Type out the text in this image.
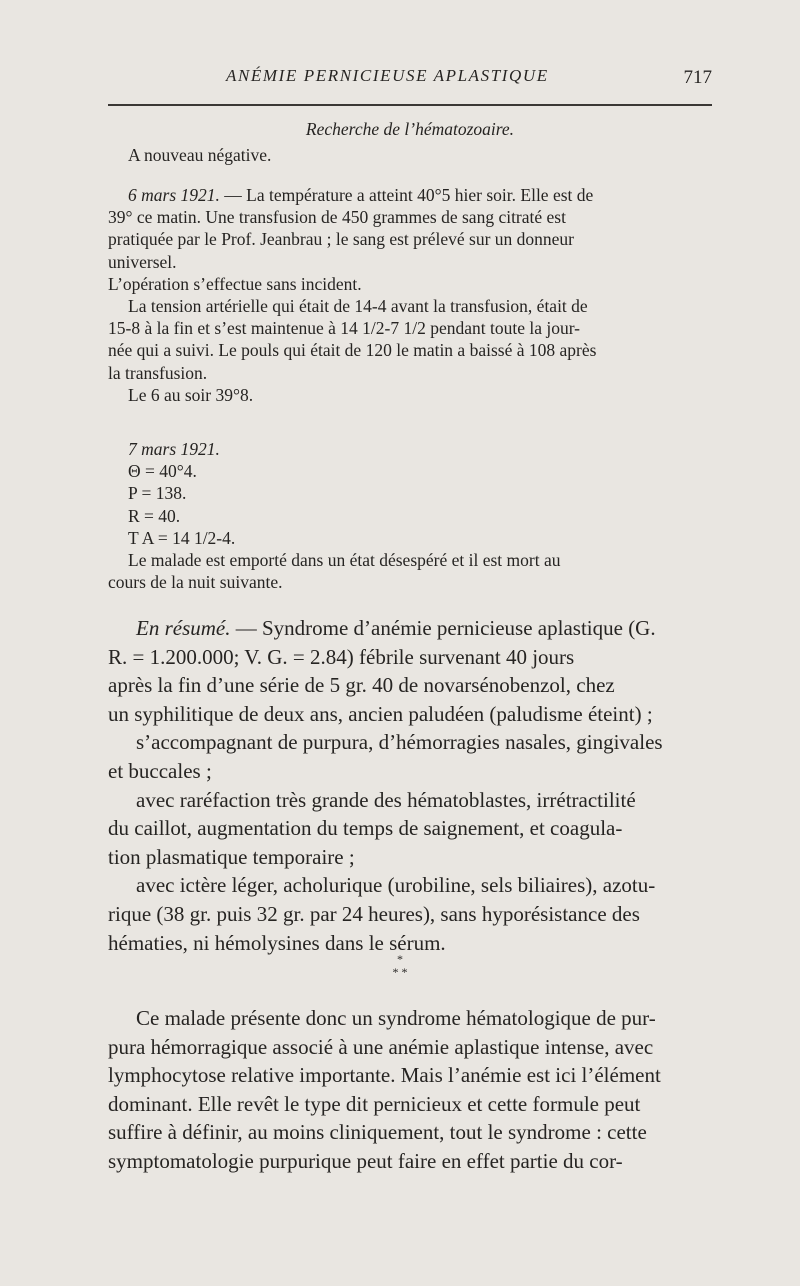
ANÉMIE PERNICIEUSE APLASTIQUE	717

Recherche de l’hématozoaire.

A nouveau négative.

6 mars 1921. — La température a atteint 40°5 hier soir. Elle est de
39° ce matin. Une transfusion de 450 grammes de sang citraté est
pratiquée par le Prof. Jeanbrau ; le sang est prélevé sur un donneur
universel.
L’opération s’effectue sans incident.
La tension artérielle qui était de 14-4 avant la transfusion, était de
15-8 à la fin et s’est maintenue à 14 1/2-7 1/2 pendant toute la jour-
née qui a suivi. Le pouls qui était de 120 le matin a baissé à 108 après
la transfusion.
Le 6 au soir 39°8.
7 mars 1921.
Θ = 40°4.
P = 138.
R = 40.
T A = 14 1/2-4.
Le malade est emporté dans un état désespéré et il est mort au
cours de la nuit suivante.
En résumé. — Syndrome d’anémie pernicieuse aplastique (G.
R. = 1.200.000; V. G. = 2.84) fébrile survenant 40 jours
après la fin d’une série de 5 gr. 40 de novarsénobenzol, chez
un syphilitique de deux ans, ancien paludéen (paludisme éteint) ;
s’accompagnant de purpura, d’hémorragies nasales, gingivales
et buccales ;
avec raréfaction très grande des hématoblastes, irrétractilité
du caillot, augmentation du temps de saignement, et coagula-
tion plasmatique temporaire ;
avec ictère léger, acholurique (urobiline, sels biliaires), azotu-
rique (38 gr. puis 32 gr. par 24 heures), sans hyporésistance des
hématies, ni hémolysines dans le sérum.
*
* *
Ce malade présente donc un syndrome hématologique de pur-
pura hémorragique associé à une anémie aplastique intense, avec
lymphocytose relative importante. Mais l’anémie est ici l’élément
dominant. Elle revêt le type dit pernicieux et cette formule peut
suffire à définir, au moins cliniquement, tout le syndrome : cette
symptomatologie purpurique peut faire en effet partie du cor-
